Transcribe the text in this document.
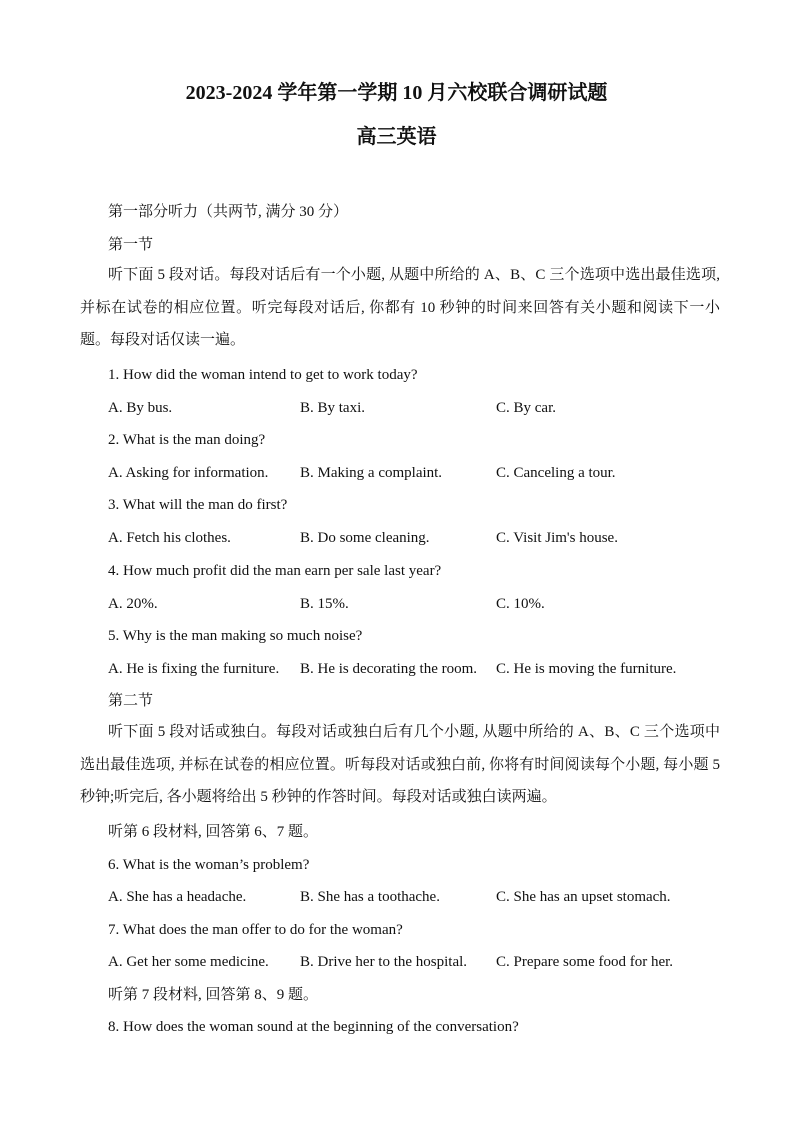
2023-2024 学年第一学期 10 月六校联合调研试题
高三英语
第一部分听力（共两节, 满分 30 分）
第一节
听下面 5 段对话。每段对话后有一个小题, 从题中所给的 A、B、C 三个选项中选出最佳选项, 并标在试卷的相应位置。听完每段对话后, 你都有 10 秒钟的时间来回答有关小题和阅读下一小题。每段对话仅读一遍。
1. How did the woman intend to get to work today?
A. By bus.	B. By taxi.	C. By car.
2. What is the man doing?
A. Asking for information. B. Making a complaint.	C. Canceling a tour.
3. What will the man do first?
A. Fetch his clothes.	B. Do some cleaning.	C. Visit Jim's house.
4. How much profit did the man earn per sale last year?
A. 20%.	B. 15%.	C. 10%.
5. Why is the man making so much noise?
A. He is fixing the furniture. B. He is decorating the room. C. He is moving the furniture.
第二节
听下面 5 段对话或独白。每段对话或独白后有几个小题, 从题中所给的 A、B、C 三个选项中选出最佳选项, 并标在试卷的相应位置。听每段对话或独白前, 你将有时间阅读每个小题, 每小题 5 秒钟;听完后, 各小题将给出 5 秒钟的作答时间。每段对话或独白读两遍。
听第 6 段材料, 回答第 6、7 题。
6. What is the woman’s problem?
A. She has a headache.	B. She has a toothache.	C. She has an upset stomach.
7. What does the man offer to do for the woman?
A. Get her some medicine. B. Drive her to the hospital. C. Prepare some food for her.
听第 7 段材料, 回答第 8、9 题。
8. How does the woman sound at the beginning of the conversation?
